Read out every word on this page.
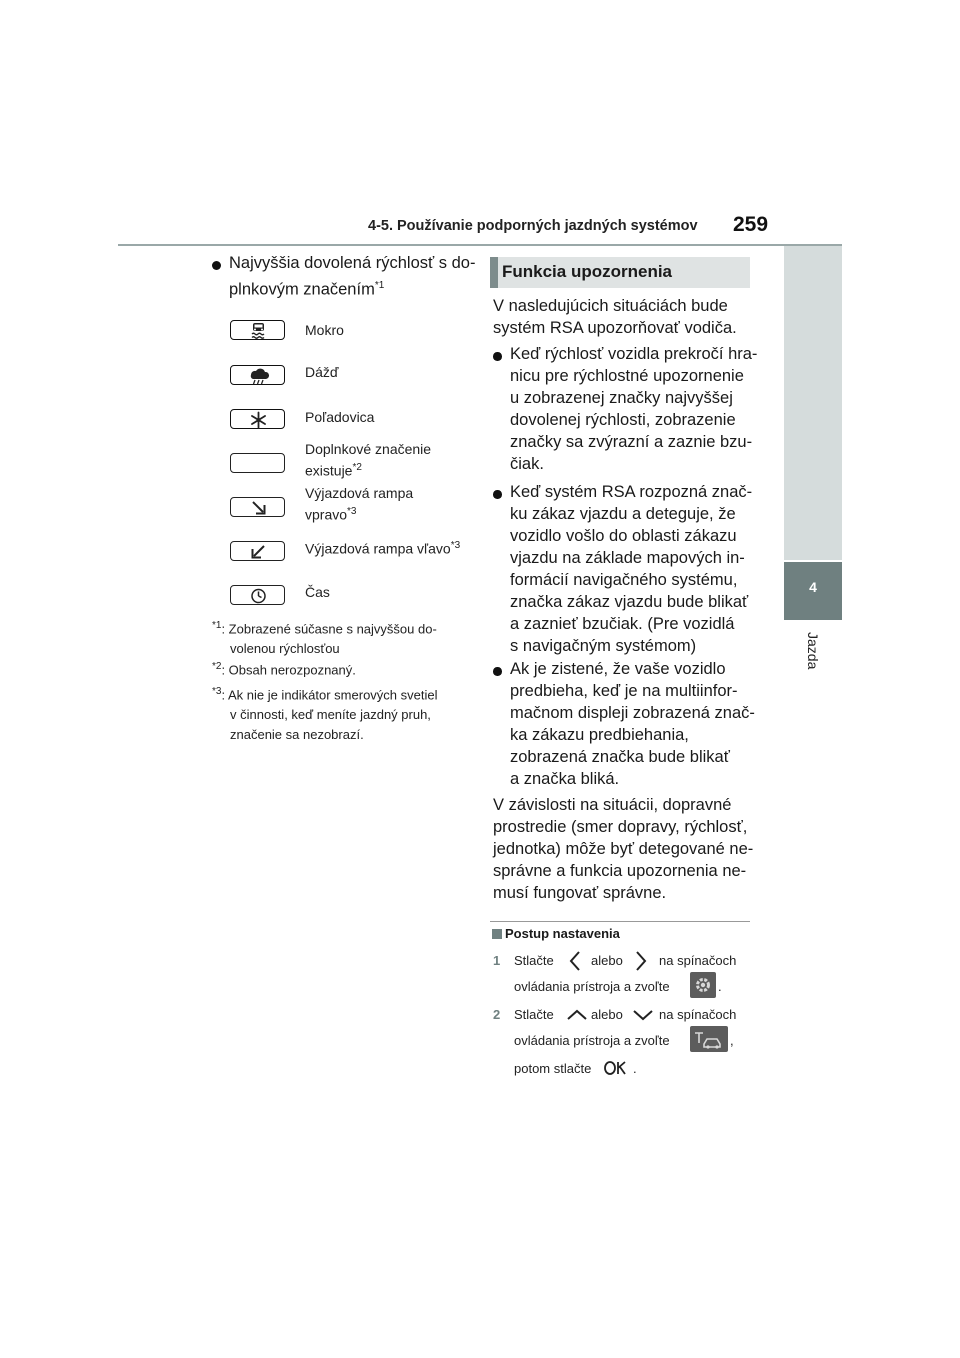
4-5. Používanie podporných jazdných systémov 259
4
Jazda
Najvyššia dovolená rýchlosť s do-
plnkovým značením$^{*1}$
Mokro
Dážď
Poľadovica
Doplnkové značenie
existuje$^{*2}$
Výjazdová rampa
vpravo$^{*3}$
Výjazdová rampa vľavo$^{*3}$
Čas
$^{*1}$: Zobrazené súčasne s najvyššou do-
volenou rýchlosťou
$^{*2}$: Obsah nerozpoznaný.
$^{*3}$: Ak nie je indikátor smerových svetiel
v činnosti, keď meníte jazdný pruh,
značenie sa nezobrazí.
Funkcia upozornenia
V nasledujúcich situáciách bude
systém RSA upozorňovať vodiča.
Keď rýchlosť vozidla prekročí hra-
nicu pre rýchlostné upozornenie
u zobrazenej značky najvyššej
dovolenej rýchlosti, zobrazenie
značky sa zvýrazní a zaznie bzu-
čiak.
Keď systém RSA rozpozná znač-
ku zákaz vjazdu a deteguje, že
vozidlo vošlo do oblasti zákazu
vjazdu na základe mapových in-
formácií navigačného systému,
značka zákaz vjazdu bude blikať
a zaznieť bzučiak. (Pre vozidlá
s navigačným systémom)
Ak je zistené, že vaše vozidlo
predbieha, keď je na multiinfor-
mačnom displeji zobrazená znač-
ka zákazu predbiehania,
zobrazená značka bude blikať
a značka bliká.
V závislosti na situácii, dopravné
prostredie (smer dopravy, rýchlosť,
jednotka) môže byť detegované ne-
správne a funkcia upozornenia ne-
musí fungovať správne.
Postup nastavenia
1 Stlačte	alebo	na spínačoch
ovládania prístroja a zvoľte	.
2 Stlačte	alebo	na spínačoch
ovládania prístroja a zvoľte	,
potom stlačte	.
